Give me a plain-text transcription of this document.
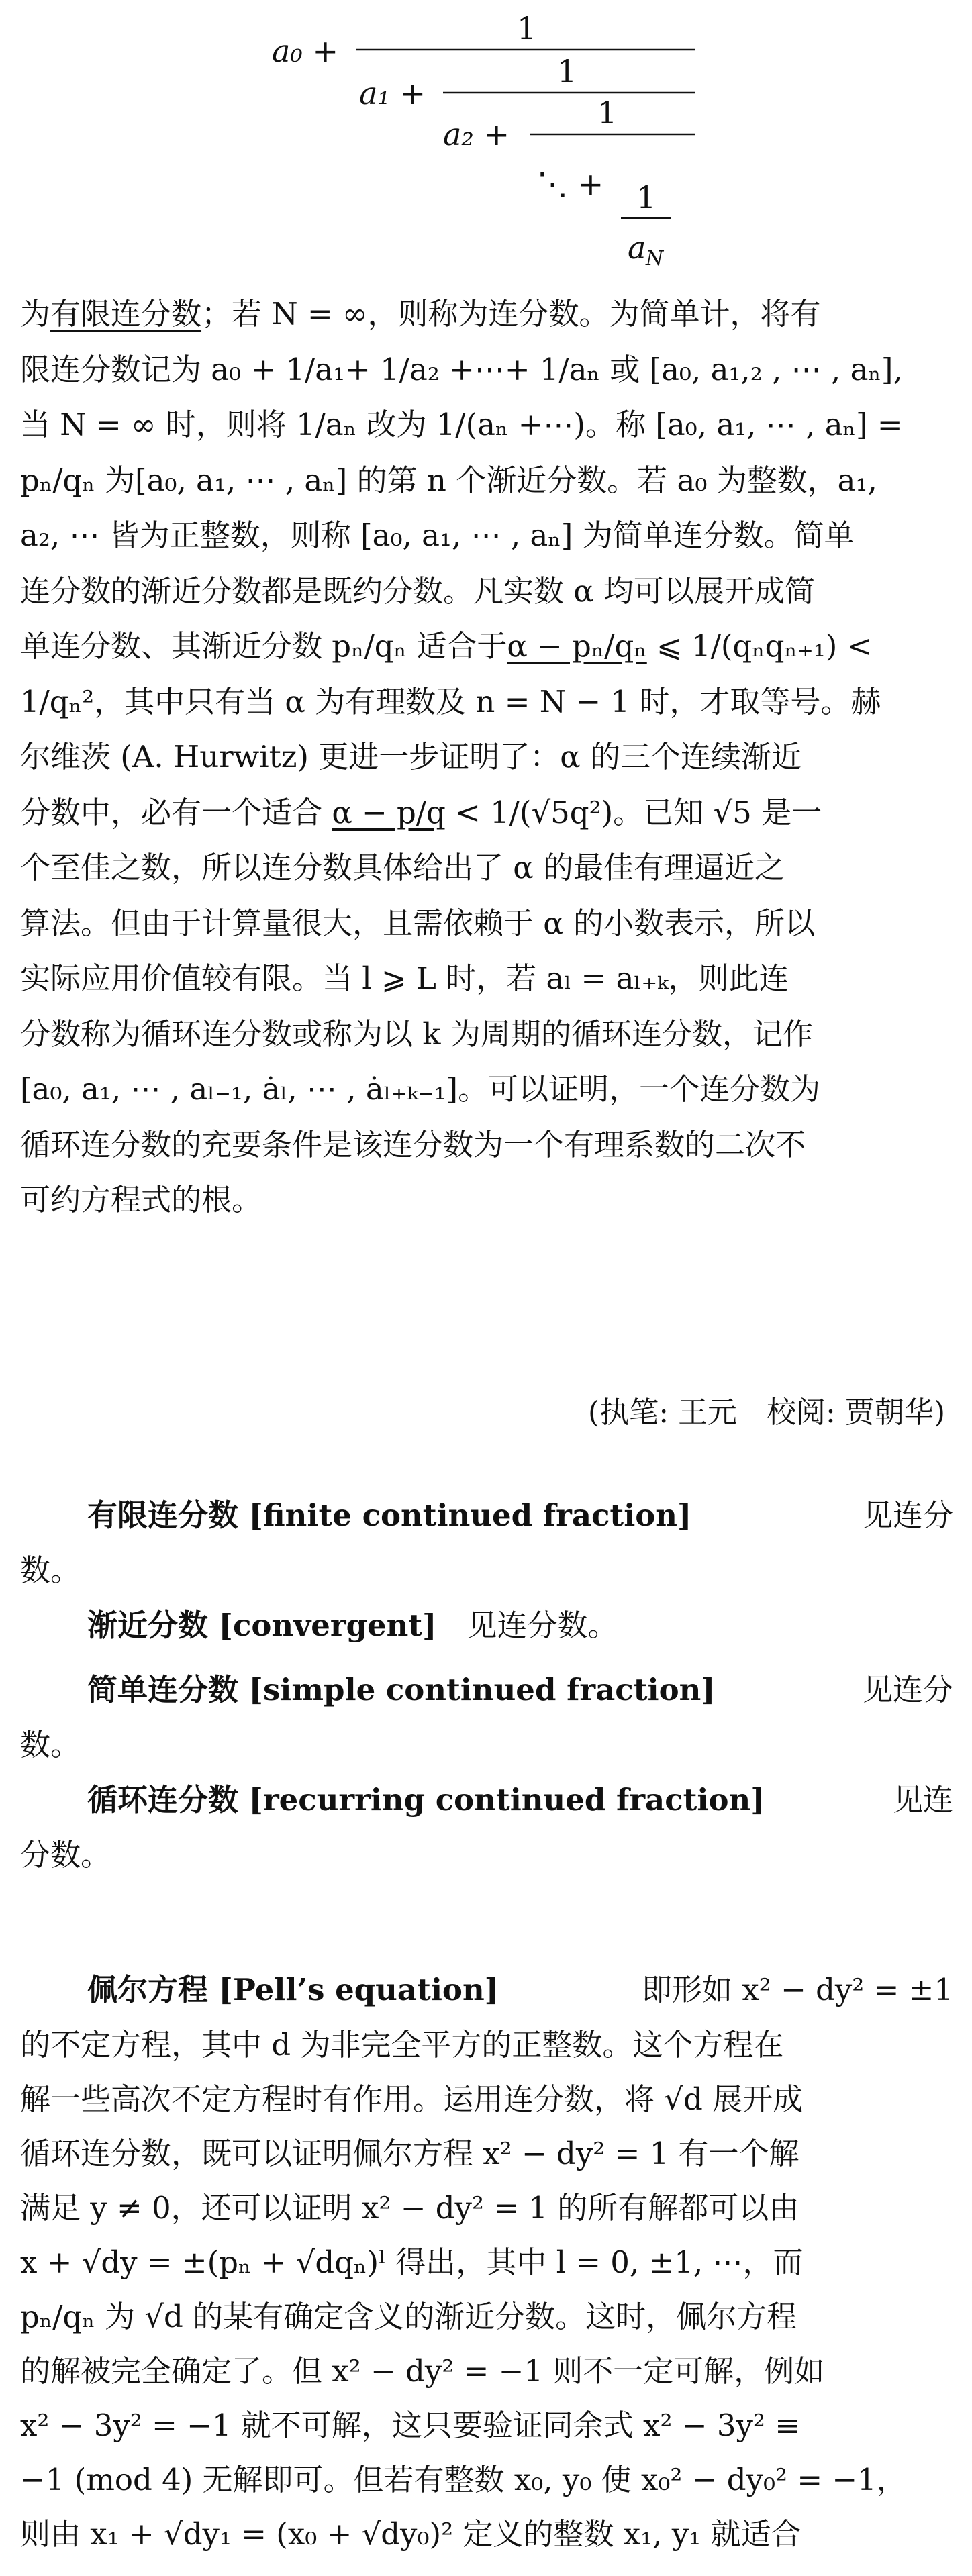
a₀ +
1
a₁ +
1
a₂ +
1
⋱ + 1
a N
为有限连分数；若 N = ∞，则称为连分数。为简单计，将有
限连分数记为 a₀ + 1/a₁+ 1/a₂ +⋯+ 1/aₙ 或 [a₀, a₁,₂ , ⋯ , aₙ],
当 N = ∞ 时，则将 1/aₙ 改为 1/(aₙ +⋯)。称 [a₀, a₁, ⋯ , aₙ] =
pₙ/qₙ 为[a₀, a₁, ⋯ , aₙ] 的第 n 个渐近分数。若 a₀ 为整数，a₁,
a₂, ⋯ 皆为正整数，则称 [a₀, a₁, ⋯ , aₙ] 为简单连分数。简单
连分数的渐近分数都是既约分数。凡实数 α 均可以展开成简
单连分数、其渐近分数 pₙ/qₙ 适合于α − pₙ/qₙ ⩽ 1/(qₙqₙ₊₁) <
1/qₙ²，其中只有当 α 为有理数及 n = N − 1 时，才取等号。赫
尔维茨 (A. Hurwitz) 更进一步证明了：α 的三个连续渐近
分数中，必有一个适合 α − p/q < 1/(√5q²)。已知 √5 是一
个至佳之数，所以连分数具体给出了 α 的最佳有理逼近之
算法。但由于计算量很大，且需依赖于 α 的小数表示，所以
实际应用价值较有限。当 l ⩾ L 时，若 aₗ = aₗ₊ₖ，则此连
分数称为循环连分数或称为以 k 为周期的循环连分数，记作
[a₀, a₁, ⋯ , aₗ₋₁, ȧₗ, ⋯ , ȧₗ₊ₖ₋₁]。可以证明，一个连分数为
循环连分数的充要条件是该连分数为一个有理系数的二次不
可约方程式的根。
(执笔: 王元　校阅: 贾朝华)
有限连分数 [finite continued fraction]	　见连分
数。
渐近分数 [convergent]　见连分数。
简单连分数 [simple continued fraction]	　见连分
数。
循环连分数 [recurring continued fraction]	　见连
分数。
佩尔方程 [Pell’s equation]	即形如 x² − dy² = ±1
的不定方程，其中 d 为非完全平方的正整数。这个方程在
解一些高次不定方程时有作用。运用连分数，将 √d 展开成
循环连分数，既可以证明佩尔方程 x² − dy² = 1 有一个解
满足 y ≠ 0，还可以证明 x² − dy² = 1 的所有解都可以由
x + √dy = ±(pₙ + √dqₙ)ˡ 得出，其中 l = 0, ±1, ⋯，而
pₙ/qₙ 为 √d 的某有确定含义的渐近分数。这时，佩尔方程
的解被完全确定了。但 x² − dy² = −1 则不一定可解，例如
x² − 3y² = −1 就不可解，这只要验证同余式 x² − 3y² ≡
−1 (mod 4) 无解即可。但若有整数 x₀, y₀ 使 x₀² − dy₀² = −1，
则由 x₁ + √dy₁ = (x₀ + √dy₀)² 定义的整数 x₁, y₁ 就适合
